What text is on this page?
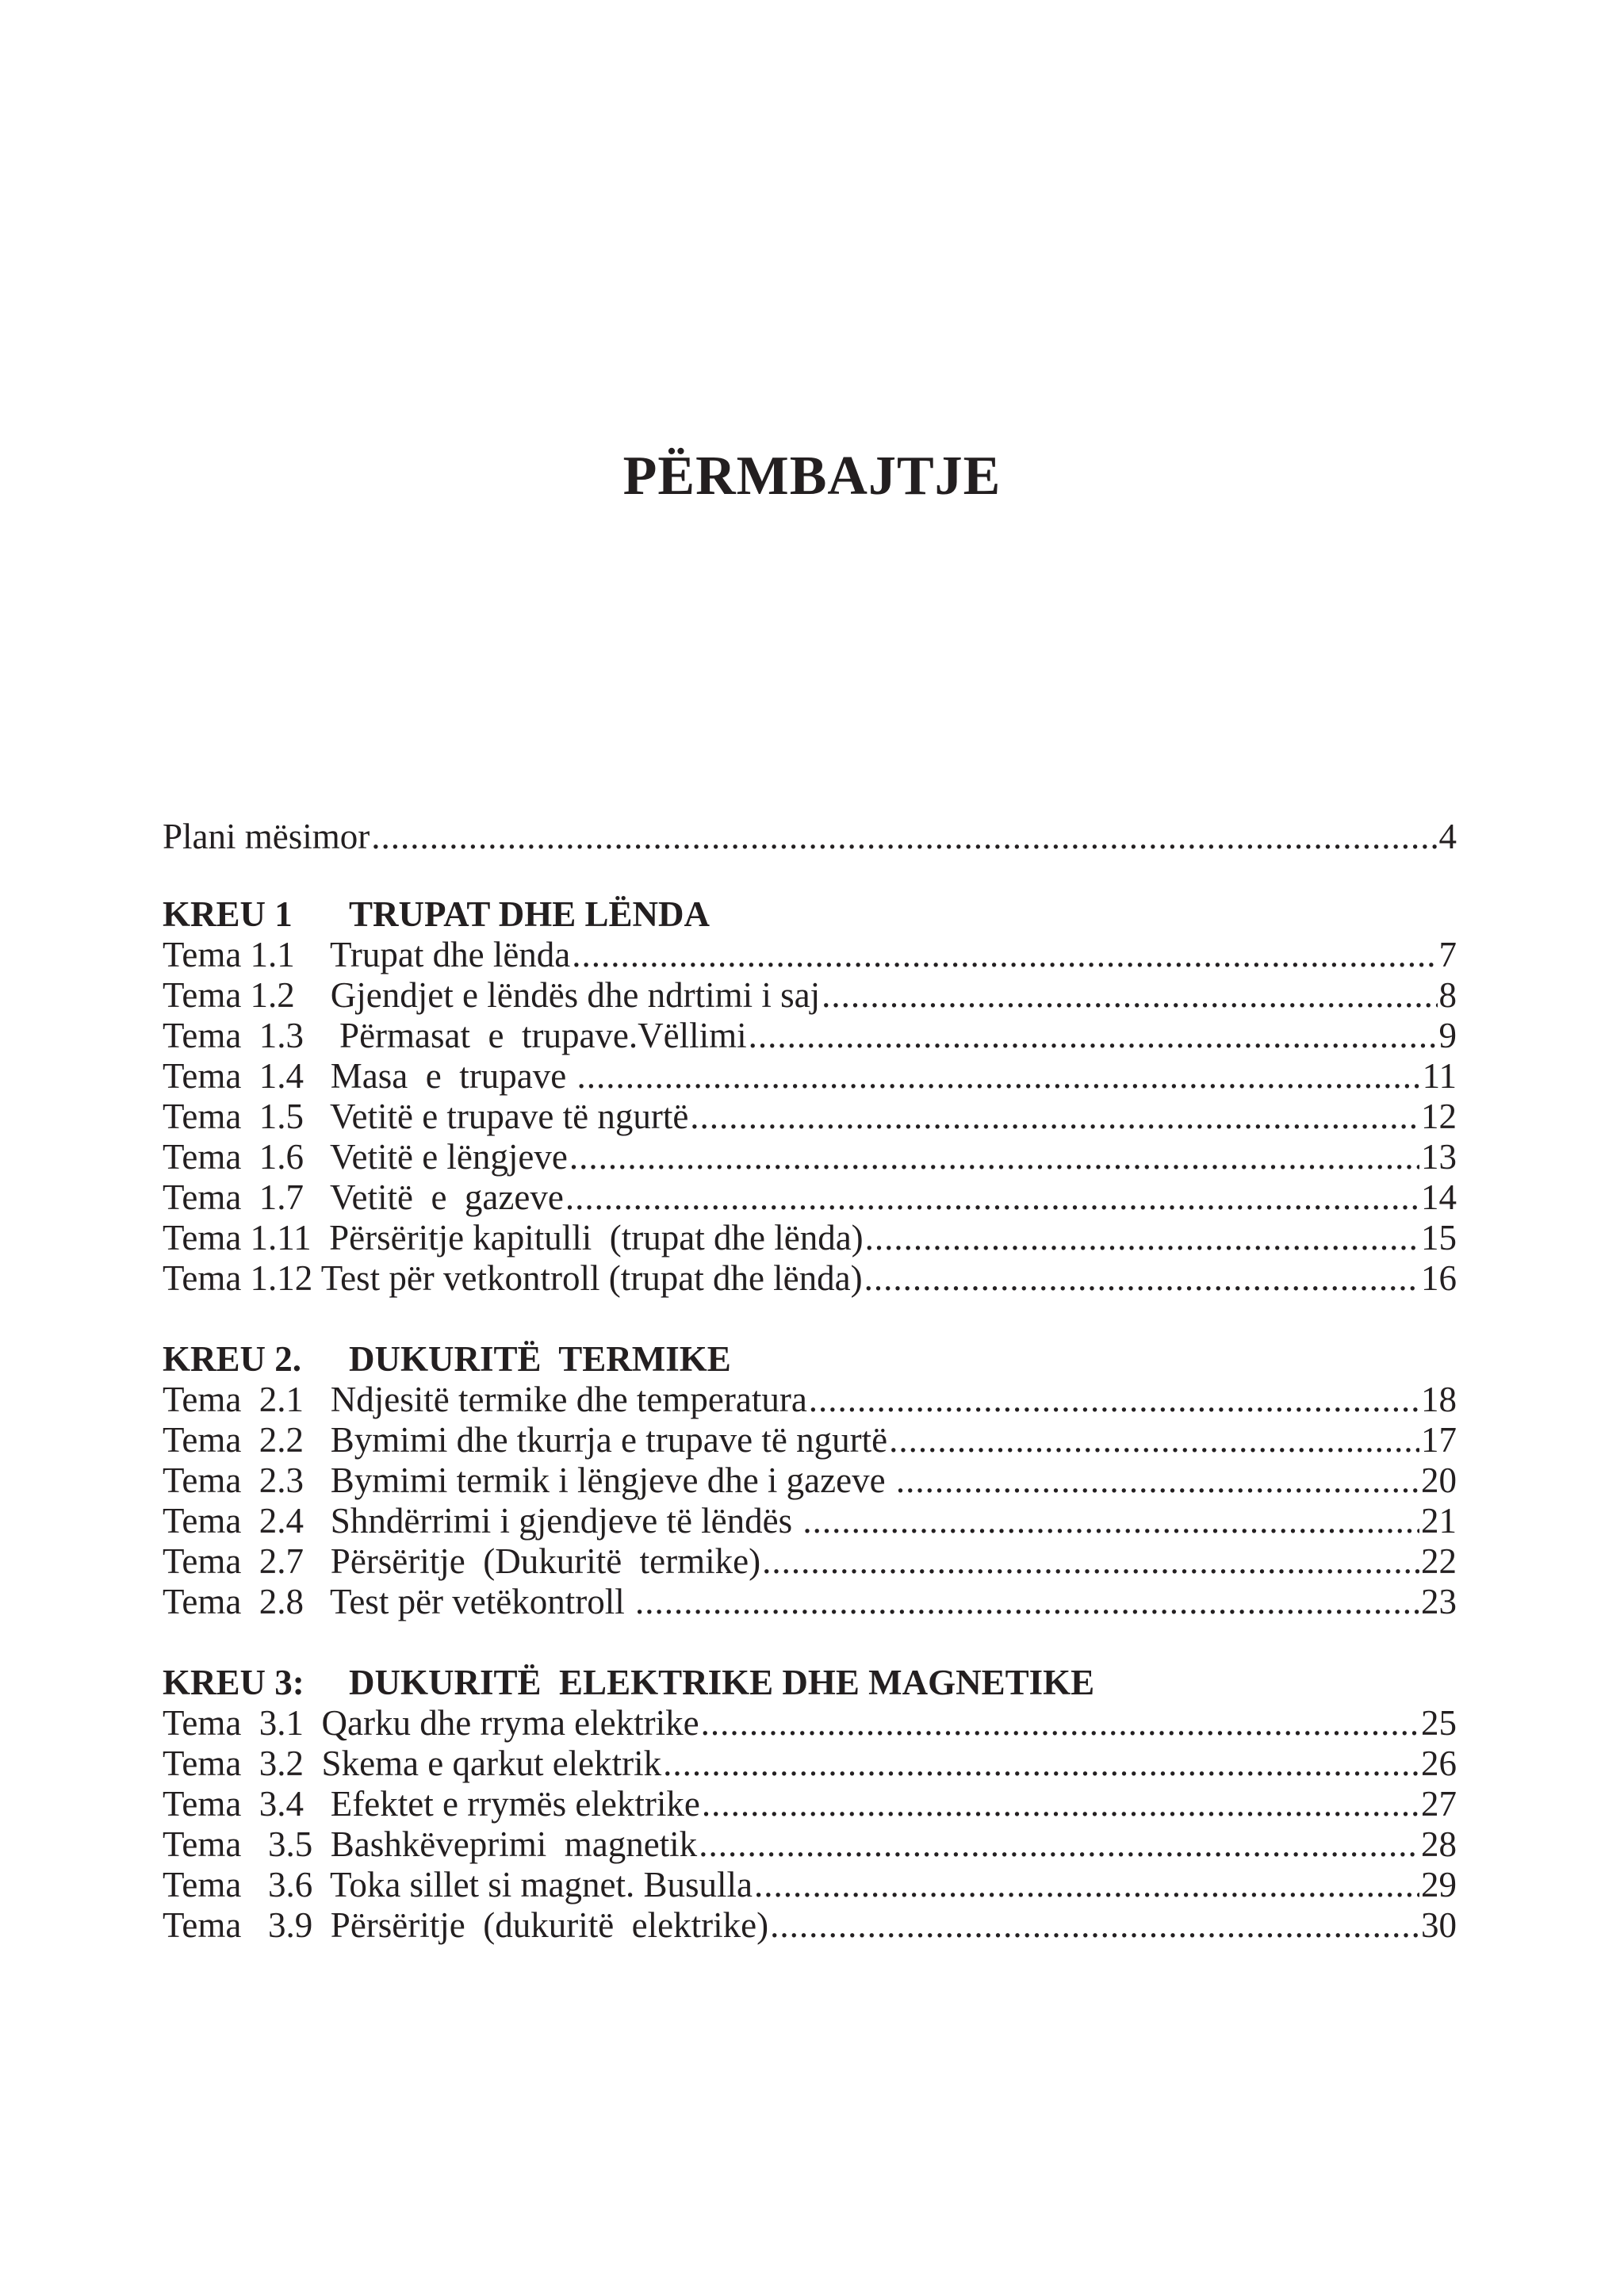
PËRMBAJTJE
Plani mësimor .....	4
KREU 1	TRUPAT DHE LËNDA
Tema 1.1    Trupat dhe lënda .....	7
Tema 1.2    Gjendjet e lëndës dhe ndrtimi i saj .....	8
Tema  1.3    Përmasat  e  trupave.Vëllimi .....	9
Tema  1.4   Masa  e  trupave .....	11
Tema  1.5   Vetitë e trupave të ngurtë .....	12
Tema  1.6   Vetitë e lëngjeve .....	13
Tema  1.7   Vetitë  e  gazeve .....	14
Tema 1.11  Përsëritje kapitulli  (trupat dhe lënda) .....	15
Tema 1.12 Test për vetkontroll (trupat dhe lënda) .....	16
KREU 2.	DUKURITË  TERMIKE
Tema  2.1   Ndjesitë termike dhe temperatura .....	18
Tema  2.2   Bymimi dhe tkurrja e trupave të ngurtë .....	17
Tema  2.3   Bymimi termik i lëngjeve dhe i gazeve .....	20
Tema  2.4   Shndërrimi i gjendjeve të lëndës .....	21
Tema  2.7   Përsëritje  (Dukuritë  termike) .....	22
Tema  2.8   Test për vetëkontroll .....	23
KREU 3:	DUKURITË  ELEKTRIKE DHE MAGNETIKE
Tema  3.1  Qarku dhe rryma elektrike .....	25
Tema  3.2  Skema e qarkut elektrik .....	26
Tema  3.4   Efektet e rrymës elektrike .....	27
Tema   3.5  Bashkëveprimi  magnetik .....	28
Tema   3.6  Toka sillet si magnet. Busulla .....	29
Tema   3.9  Përsëritje  (dukuritë  elektrike) .....	30
